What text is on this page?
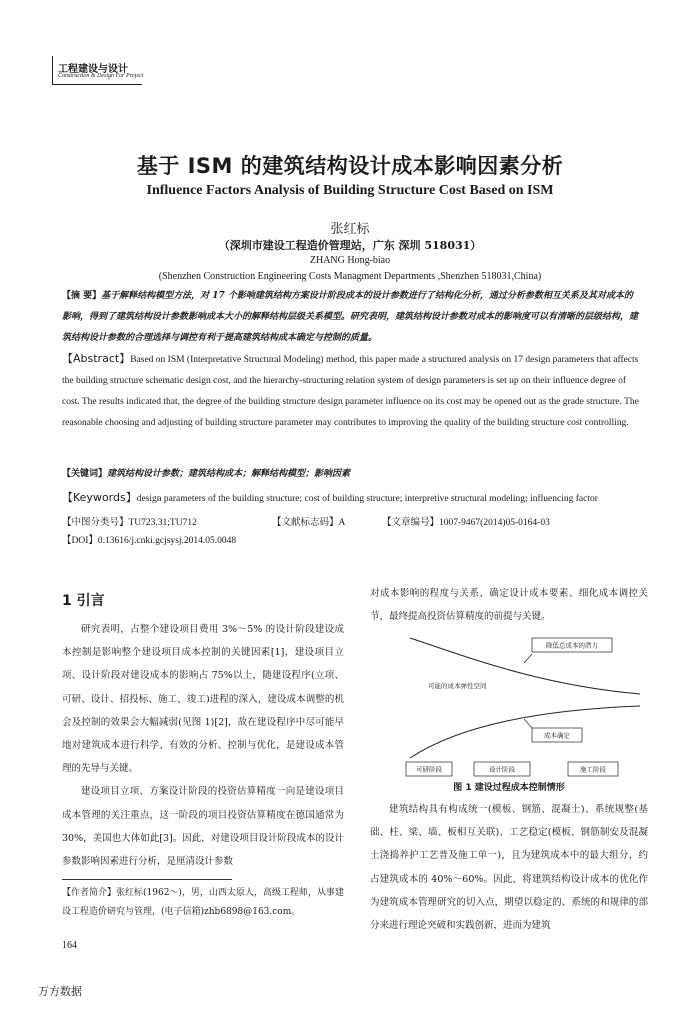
工程建设与设计
Construction & Design For Project
基于 ISM 的建筑结构设计成本影响因素分析
Influence Factors Analysis of Building Structure Cost Based on ISM
张红标
（深圳市建设工程造价管理站，广东 深圳 518031）
ZHANG Hong-biao
(Shenzhen Construction Engineering Costs Managment Departments ,Shenzhen 518031,China)
【摘 要】基于解释结构模型方法，对 17 个影响建筑结构方案设计阶段成本的设计参数进行了结构化分析，通过分析参数相互关系及其对成本的影响，得到了建筑结构设计参数影响成本大小的解释结构层级关系模型。研究表明，建筑结构设计参数对成本的影响度可以有清晰的层级结构，建筑结构设计参数的合理选择与调控有利于提高建筑结构成本确定与控制的质量。
【Abstract】Based on ISM (Interpretative Structural Modeling) method, this paper made a structured analysis on 17 design parameters that affects the building structure schematic design cost, and the hierarchy-structuring relation system of design parameters is set up on their influence degree of cost. The results indicated that, the degree of the building structure design parameter influence on its cost may be opened out as the grade structure. The reasonable choosing and adjusting of building structure parameter may contributes to improving the quality of the building structure cost controlling.
【关键词】建筑结构设计参数；建筑结构成本；解释结构模型；影响因素
【Keywords】design parameters of the building structure; cost of building structure; interpretive structural modeling; influencing factor
【中图分类号】TU723.31;TU712	【文献标志码】A	【文章编号】1007-9467(2014)05-0164-03
【DOI】0.13616/j.cnki.gcjsysj.2014.05.0048
1 引言

研究表明，占整个建设项目费用 3%～5% 的设计阶段建设成本控制是影响整个建设项目成本控制的关键因素[1]，建设项目立项、设计阶段对建设成本的影响占 75%以上，随建设程序(立项、可研、设计、招投标、施工、竣工)进程的深入，建设成本调整的机会及控制的效果会大幅减弱(见图 1)[2]，故在建设程序中尽可能早地对建筑成本进行科学、有效的分析、控制与优化，是建设成本管理的先导与关键。

建设项目立项、方案设计阶段的投资估算精度一向是建设项目成本管理的关注重点，这一阶段的项目投资估算精度在德国通常为 30%，美国也大体如此[3]。因此，对建设项目设计阶段成本的设计参数影响因素进行分析，是厘清设计参数

对成本影响的程度与关系、确定设计成本要素、细化成本调控关节，最终提高投资估算精度的前提与关键。

降低总成本的潜力
可能的成本弹性空间
成本确定
可研阶段	设计阶段	施工阶段
图 1 建设过程成本控制情形

建筑结构具有构成统一(模板、钢筋、混凝土)、系统规整(基础、柱、梁、墙、板相互关联)、工艺稳定(模板、钢筋制安及混凝土浇捣养护工艺普及施工单一)，且为建筑成本中的最大组分，约占建筑成本的 40%～60%。因此，将建筑结构设计成本的优化作为建筑成本管理研究的切入点，期望以稳定的、系统的和规律的部分来进行理论突破和实践创新，进而为建筑

【作者简介】张红标(1962～)，男，山西太原人，高级工程师，从事建设工程造价研究与管理，(电子信箱)zhb6898@163.com。
164
万方数据
